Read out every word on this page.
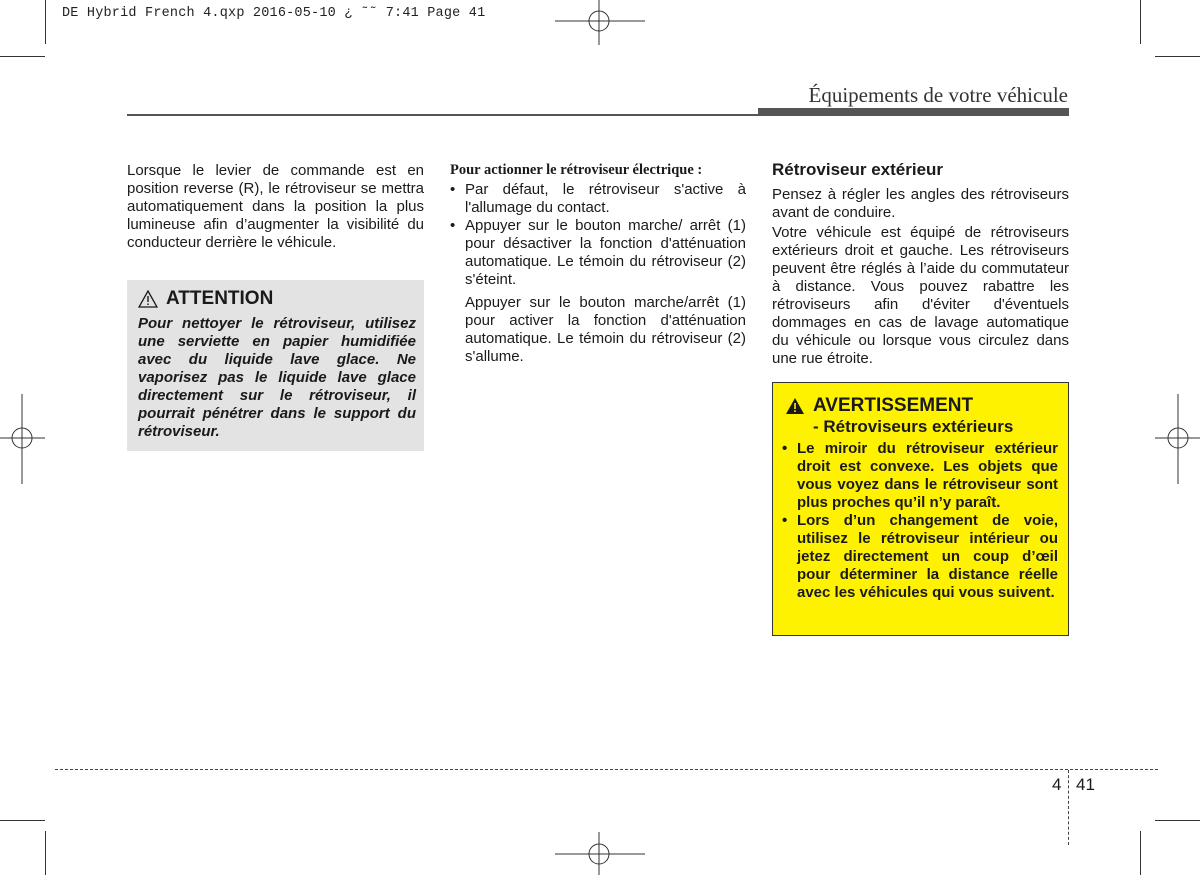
DE Hybrid French 4.qxp 2016-05-10 ¿ ˜˜ 7:41 Page 41
Équipements de votre véhicule
Lorsque le levier de commande est en position reverse (R), le rétroviseur se mettra automatiquement dans la position la plus lumineuse afin d’augmenter la visibilité du conducteur derrière le véhicule.
ATTENTION
Pour nettoyer le rétroviseur, utilisez une serviette en papier humidifiée avec du liquide lave glace. Ne vaporisez pas le liquide lave glace directement sur le rétroviseur, il pourrait pénétrer dans le support du rétroviseur.
Pour actionner le rétroviseur électrique :
• Par défaut, le rétroviseur s'active à l'allumage du contact.
• Appuyer sur le bouton marche/ arrêt (1) pour désactiver la fonction d'atténuation automatique. Le témoin du rétroviseur (2) s'éteint.
Appuyer sur le bouton marche/arrêt (1) pour activer la fonction d'atténuation automatique. Le témoin du rétroviseur (2) s'allume.
Rétroviseur extérieur
Pensez à régler les angles des rétroviseurs avant de conduire.
Votre véhicule est équipé de rétroviseurs extérieurs droit et gauche. Les rétroviseurs peuvent être réglés à l’aide du commutateur à distance. Vous pouvez rabattre les rétroviseurs afin d'éviter d'éventuels dommages en cas de lavage automatique du véhicule ou lorsque vous circulez dans une rue étroite.
AVERTISSEMENT
- Rétroviseurs extérieurs
• Le miroir du rétroviseur extérieur droit est convexe. Les objets que vous voyez dans le rétroviseur sont plus proches qu’il n’y paraît.
• Lors d’un changement de voie, utilisez le rétroviseur intérieur ou jetez directement un coup d’œil pour déterminer la distance réelle avec les véhicules qui vous suivent.
4 41
